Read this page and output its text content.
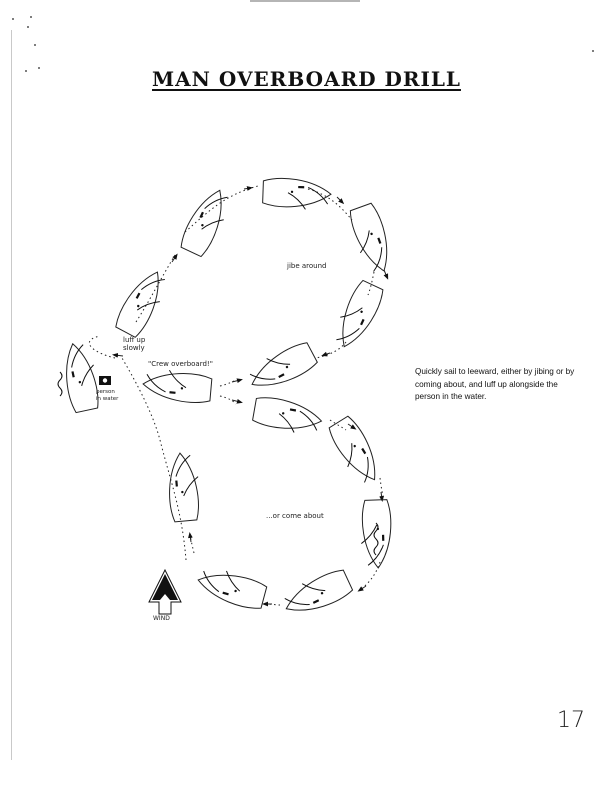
MAN OVERBOARD DRILL
jibe around
luff up
slowly
"Crew overboard!"
person
in water
...or come about
WIND
Quickly sail to leeward, either by jibing or by coming about, and luff up alongside the person in the water.
17
